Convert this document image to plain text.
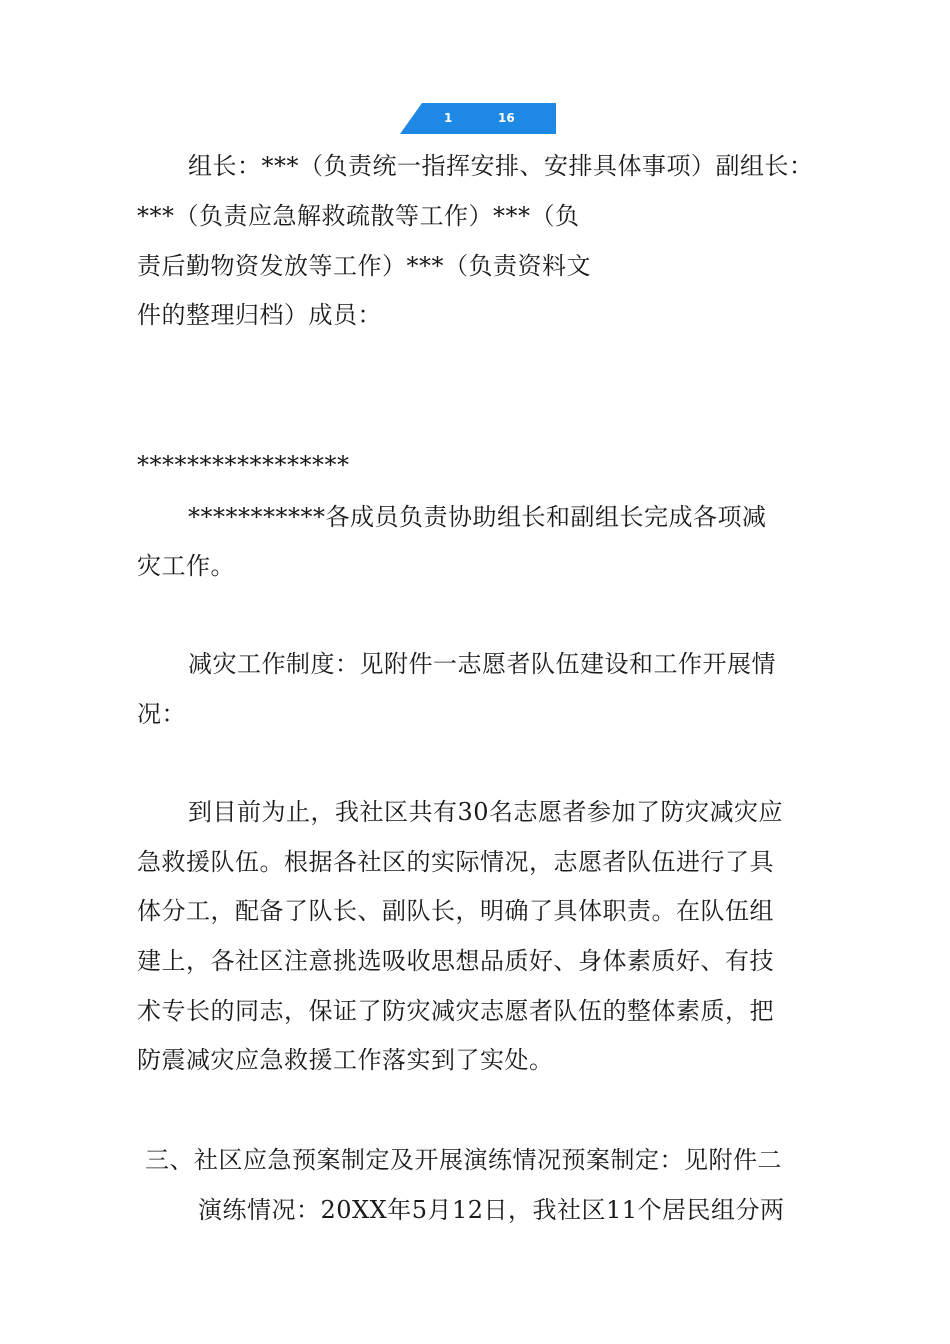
1	16
组长：***（负责统一指挥安排、安排具体事项）副组长：
***（负责应急解救疏散等工作）***（负
责后勤物资发放等工作）***（负责资料文
件的整理归档）成员：
*****************
***********各成员负责协助组长和副组长完成各项减
灾工作。
减灾工作制度：见附件一志愿者队伍建设和工作开展情
况：
到目前为止，我社区共有30名志愿者参加了防灾减灾应
急救援队伍。根据各社区的实际情况，志愿者队伍进行了具
体分工，配备了队长、副队长，明确了具体职责。在队伍组
建上，各社区注意挑选吸收思想品质好、身体素质好、有技
术专长的同志，保证了防灾减灾志愿者队伍的整体素质，把
防震减灾应急救援工作落实到了实处。
三、社区应急预案制定及开展演练情况预案制定：见附件二
演练情况：20XX年5月12日，我社区11个居民组分两
